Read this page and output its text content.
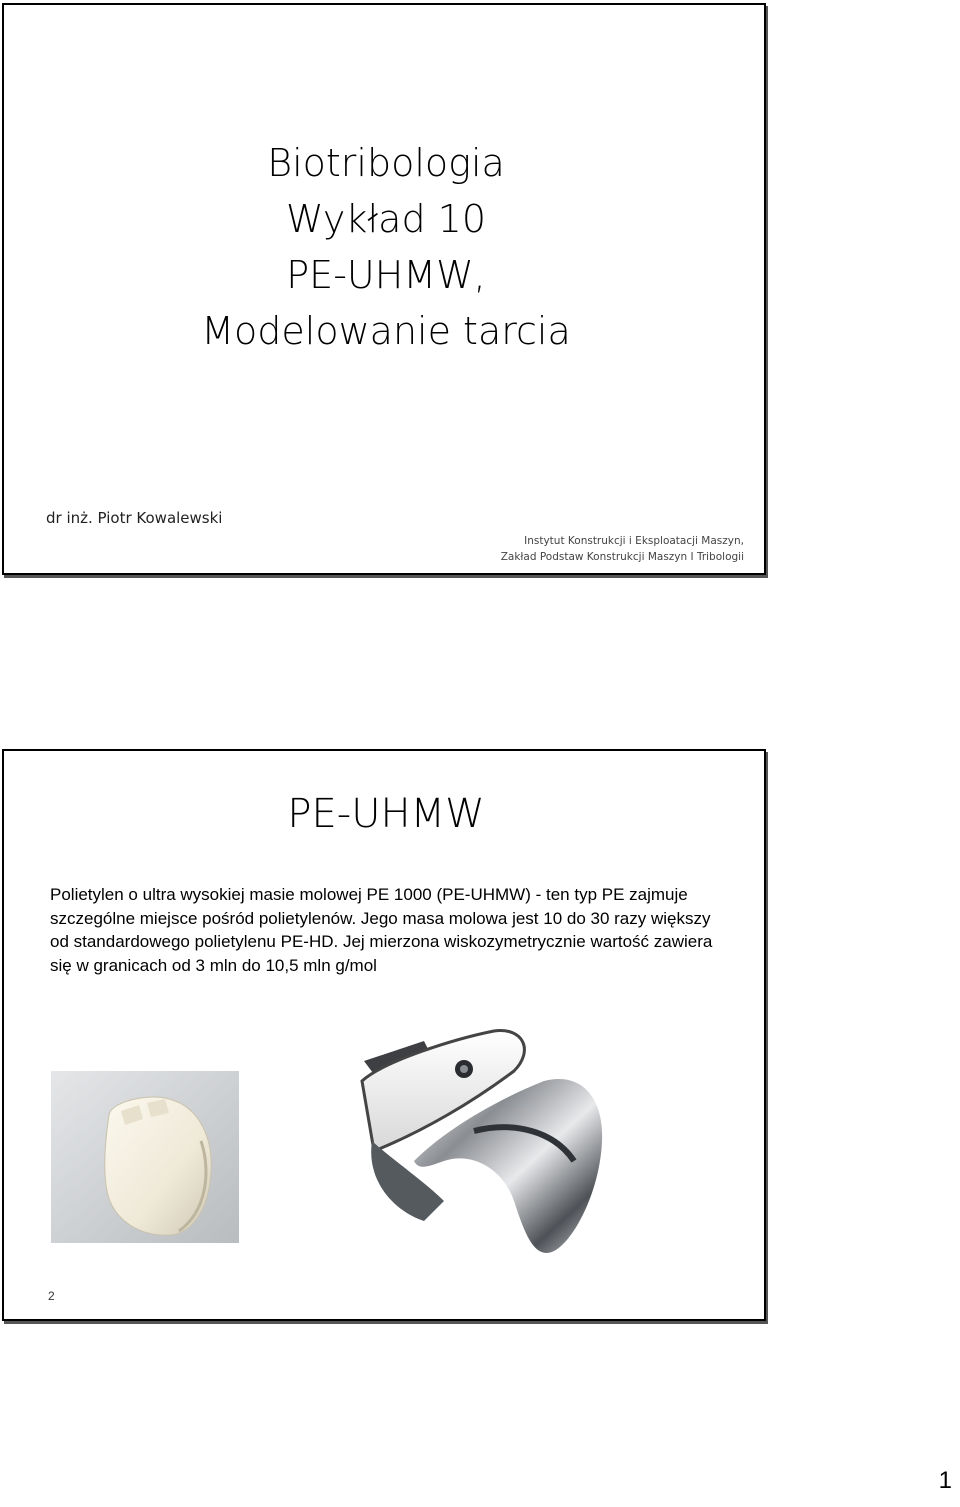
Biotribologia
Wykład 10
PE-UHMW,
Modelowanie tarcia
dr inż. Piotr Kowalewski
Instytut Konstrukcji i Eksploatacji Maszyn,
Zakład Podstaw Konstrukcji Maszyn I Tribologii
PE-UHMW
Polietylen o ultra wysokiej masie molowej PE 1000 (PE-UHMW) - ten typ PE zajmuje szczególne miejsce pośród polietylenów. Jego masa molowa jest 10 do 30 razy większy od standardowego polietylenu PE-HD. Jej mierzona wiskozymetrycznie wartość zawiera się w granicach od 3 mln do 10,5 mln g/mol
2
1
